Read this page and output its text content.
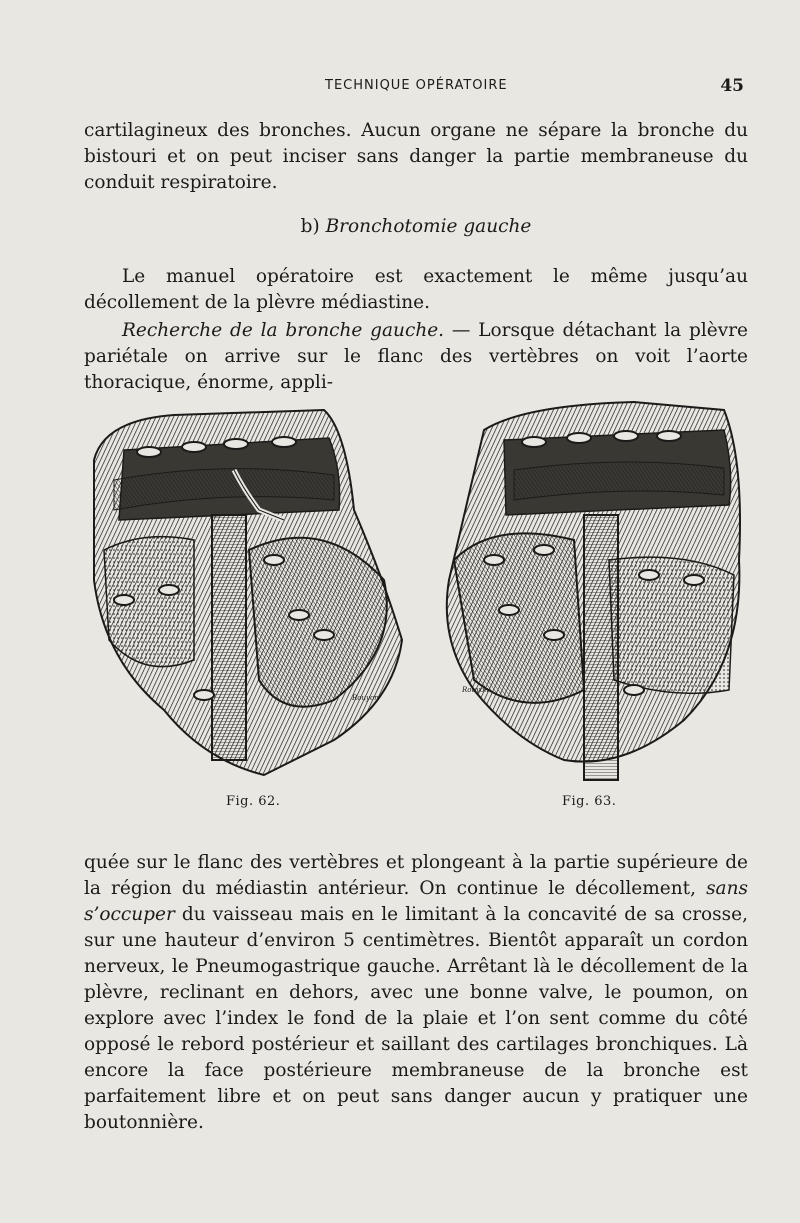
TECHNIQUE OPÉRATOIRE	45

cartilagineux des bronches. Aucun organe ne sépare la bronche du bistouri et on peut inciser sans danger la partie membraneuse du conduit respiratoire.

b) Bronchotomie gauche

Le manuel opératoire est exactement le même jusqu’au décollement de la plèvre médiastine.

Recherche de la bronche gauche. — Lorsque détachant la plèvre pariétale on arrive sur le flanc des vertèbres on voit l’aorte thoracique, énorme, appli-

Rouyon
Rouyon
Fig. 62.	Fig. 63.

quée sur le flanc des vertèbres et plongeant à la partie supérieure de la région du médiastin antérieur. On continue le décollement, sans s’occuper du vaisseau mais en le limitant à la concavité de sa crosse, sur une hauteur d’environ 5 centimètres. Bientôt apparaît un cordon nerveux, le Pneumogastrique gauche. Arrêtant là le décollement de la plèvre, reclinant en dehors, avec une bonne valve, le poumon, on explore avec l’index le fond de la plaie et l’on sent comme du côté opposé le rebord postérieur et saillant des cartilages bronchiques. Là encore la face postérieure membraneuse de la bronche est parfaitement libre et on peut sans danger aucun y pratiquer une boutonnière.
